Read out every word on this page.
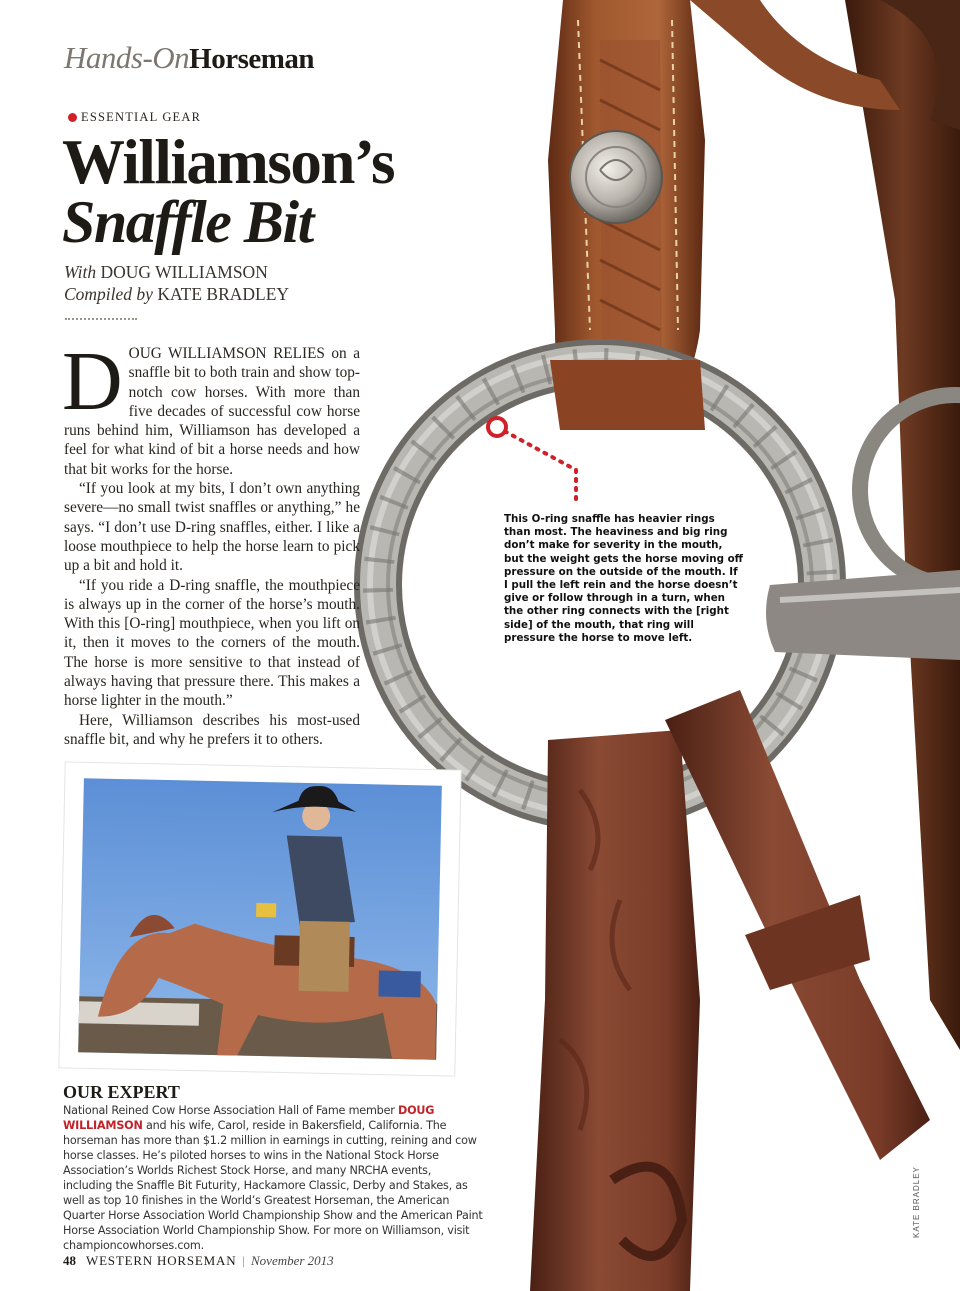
Hands-OnHorseman
ESSENTIAL GEAR
Williamson’s
Snaffle Bit
With DOUG WILLIAMSON
Compiled by KATE BRADLEY

DOUG WILLIAMSON RELIES on a snaffle bit to both train and show top-notch cow horses. With more than five decades of successful cow horse runs behind him, Williamson has developed a feel for what kind of bit a horse needs and how that bit works for the horse.

“If you look at my bits, I don’t own anything severe—no small twist snaffles or anything,” he says. “I don’t use D-ring snaffles, either. I like a loose mouthpiece to help the horse learn to pick up a bit and hold it.

“If you ride a D-ring snaffle, the mouthpiece is always up in the corner of the horse’s mouth. With this [O-ring] mouthpiece, when you lift on it, then it moves to the corners of the mouth. The horse is more sensitive to that instead of always having that pressure there. This makes a horse lighter in the mouth.”

Here, Williamson describes his most-used snaffle bit, and why he prefers it to others.

This O-ring snaffle has heavier rings than most. The heaviness and big ring don’t make for severity in the mouth, but the weight gets the horse moving off pressure on the outside of the mouth. If I pull the left rein and the horse doesn’t give or follow through in a turn, when the other ring connects with the [right side] of the mouth, that ring will pressure the horse to move left.
OUR EXPERT
National Reined Cow Horse Association Hall of Fame member DOUG WILLIAMSON and his wife, Carol, reside in Bakersfield, California. The horseman has more than $1.2 million in earnings in cutting, reining and cow horse classes. He’s piloted horses to wins in the National Stock Horse Association’s Worlds Richest Stock Horse, and many NRCHA events, including the Snaffle Bit Futurity, Hackamore Classic, Derby and Stakes, as well as top 10 finishes in the World’s Greatest Horseman, the American Quarter Horse Association World Championship Show and the American Paint Horse Association World Championship Show. For more on Williamson, visit championcowhorses.com.
48 WESTERN HORSEMAN | November 2013
KATE BRADLEY
